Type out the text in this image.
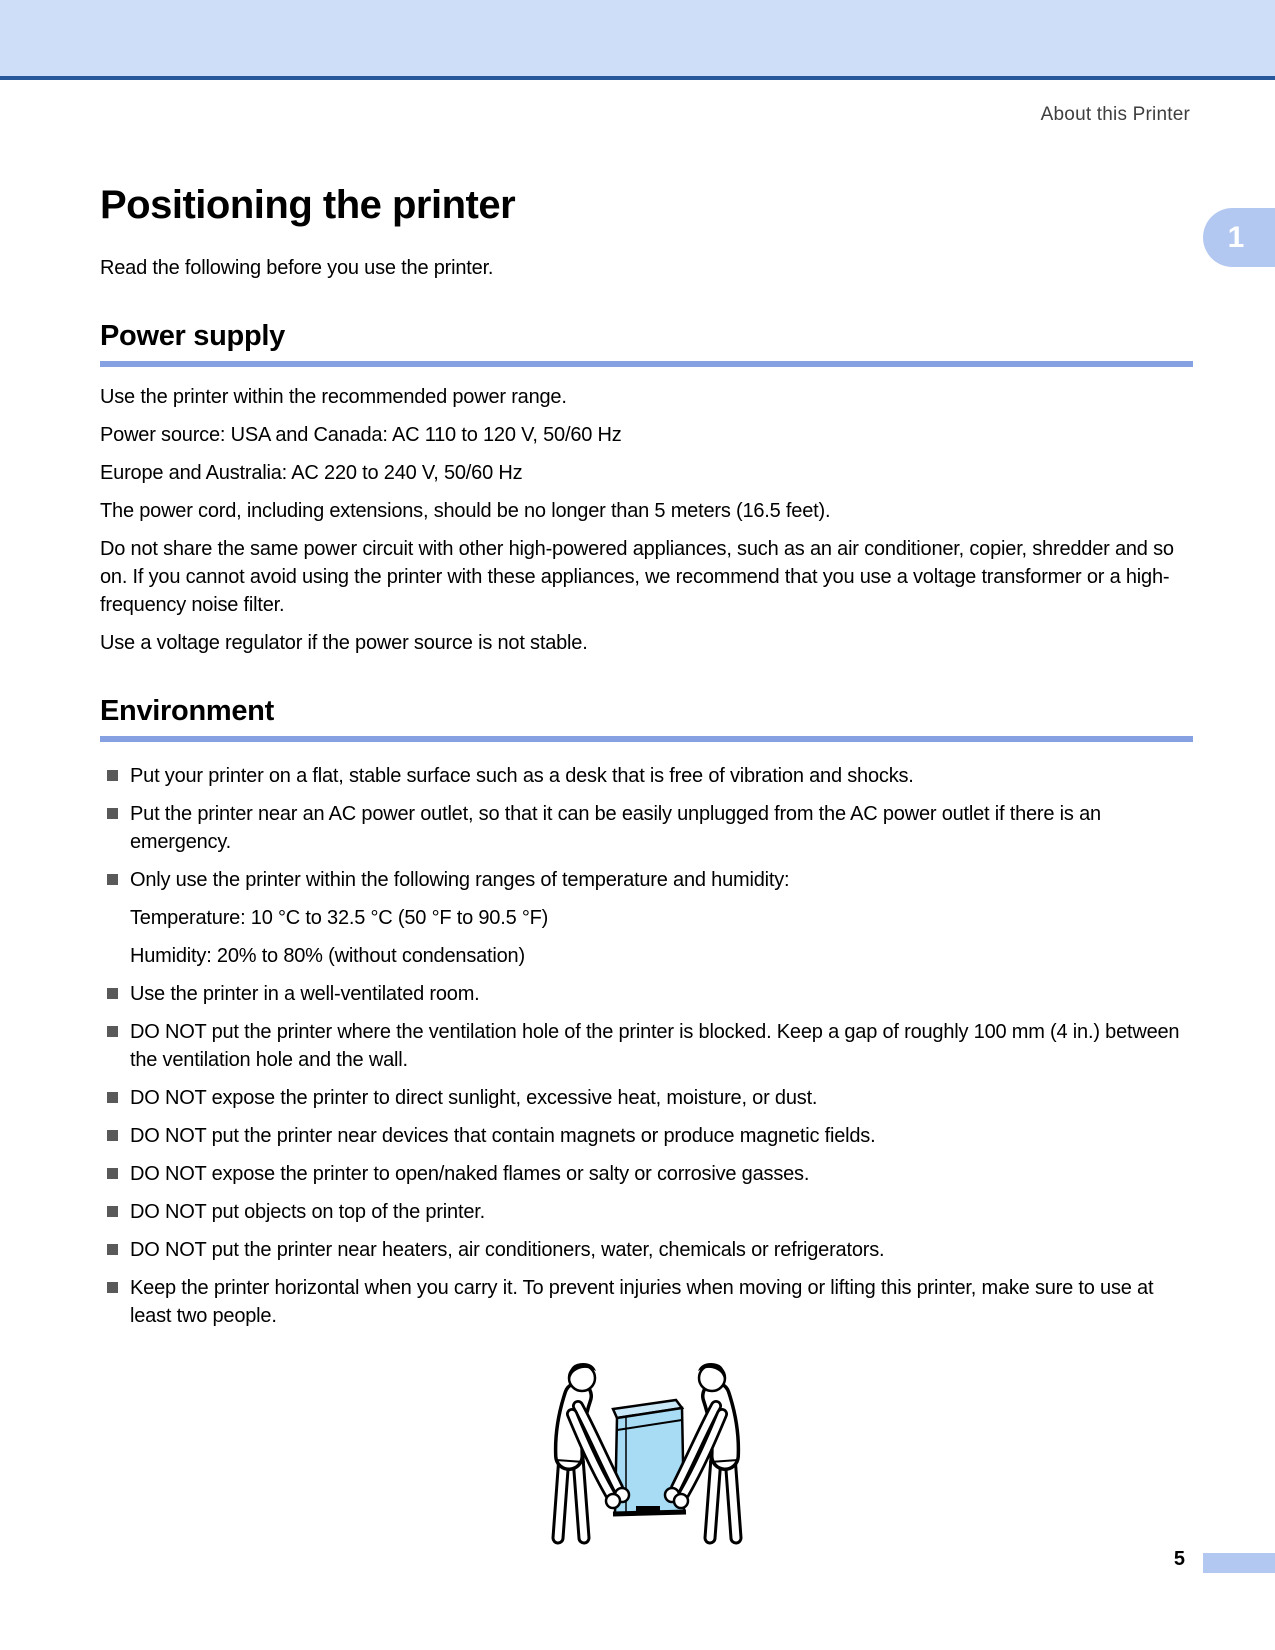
About this Printer
1
Positioning the printer

Read the following before you use the printer.

Power supply

Use the printer within the recommended power range.

Power source: USA and Canada: AC 110 to 120 V, 50/60 Hz

Europe and Australia: AC 220 to 240 V, 50/60 Hz

The power cord, including extensions, should be no longer than 5 meters (16.5 feet).

Do not share the same power circuit with other high-powered appliances, such as an air conditioner, copier, shredder and so on. If you cannot avoid using the printer with these appliances, we recommend that you use a voltage transformer or a high-frequency noise filter.

Use a voltage regulator if the power source is not stable.

Environment
Put your printer on a flat, stable surface such as a desk that is free of vibration and shocks.
Put the printer near an AC power outlet, so that it can be easily unplugged from the AC power outlet if there is an emergency.
Only use the printer within the following ranges of temperature and humidity:
Temperature: 10 °C to 32.5 °C (50 °F to 90.5 °F)
Humidity: 20% to 80% (without condensation)
Use the printer in a well-ventilated room.
DO NOT put the printer where the ventilation hole of the printer is blocked. Keep a gap of roughly 100 mm (4 in.) between the ventilation hole and the wall.
DO NOT expose the printer to direct sunlight, excessive heat, moisture, or dust.
DO NOT put the printer near devices that contain magnets or produce magnetic fields.
DO NOT expose the printer to open/naked flames or salty or corrosive gasses.
DO NOT put objects on top of the printer.
DO NOT put the printer near heaters, air conditioners, water, chemicals or refrigerators.
Keep the printer horizontal when you carry it. To prevent injuries when moving or lifting this printer, make sure to use at least two people.
5
